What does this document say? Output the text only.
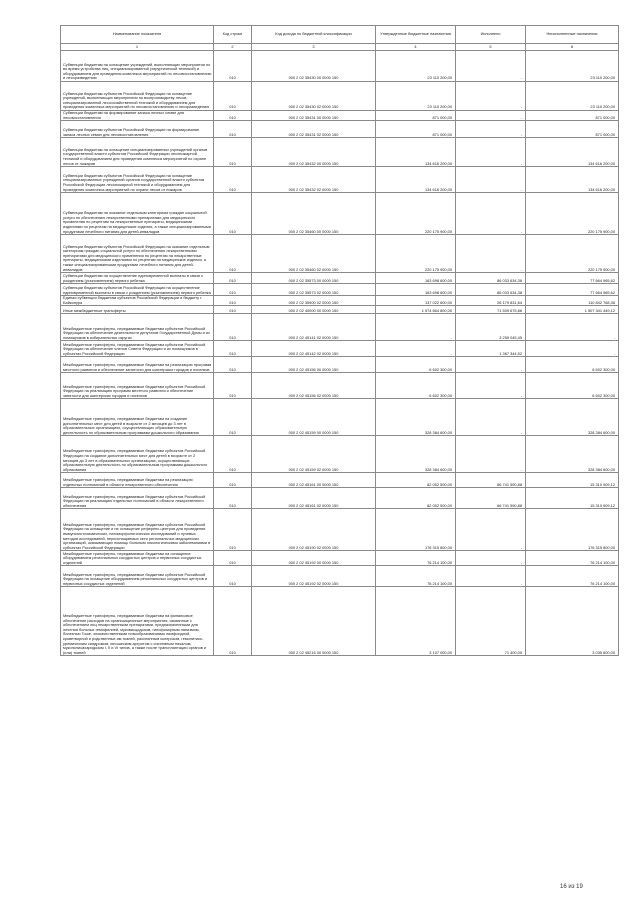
Наименование показателя	Код строки	Код дохода по бюджетной классификации	Утвержденные бюджетные назначения	Исполнено	Неисполненные назначения
1	2	3	4	5	6
Субвенции бюджетам на оснащение учреждений, выполняющих мероприятия по во время устройства лиц, специализированной (хирургической техникой) и оборудованием для проведения комплекса мероприятий по лесовосстановлению и лесоразведению	010	000 2 02 35430 00 0000 150	23 110 200,00	-	23 110 200,00
Субвенции бюджетам субъектов Российской Федерации на оснащение учреждений, выполняющих мероприятия по воспроизводству лесов, специализированной лесохозяйственной техникой и оборудованием для проведения комплекса мероприятий по лесовосстановлению и лесоразведению	010	000 2 02 35430 02 0000 150	23 110 200,00	-	23 110 200,00
Субвенции бюджетам на формирование запаса лесных семян для лесовосстановления	010	000 2 02 35431 00 0000 150	871 000,00	-	871 000,00
Субвенции бюджетам субъектов Российской Федерации на формирование запаса лесных семян для лесовосстановления	010	000 2 02 35431 02 0000 150	871 000,00	-	871 000,00
Субвенции бюджетам на оснащение специализированных учреждений органов государственной власти субъектов Российской Федерации лесопожарной техникой и оборудованием для проведения комплекса мероприятий по охране лесов от пожаров	010	000 2 02 35432 00 0000 150	134 616 200,00	-	134 616 200,00
Субвенции бюджетам субъектов Российской Федерации на оснащение специализированных учреждений органов государственной власти субъектов Российской Федерации лесопожарной техникой и оборудованием для проведения комплекса мероприятий по охране лесов от пожаров	010	000 2 02 35432 02 0000 150	134 616 200,00	-	134 616 200,00
Субвенции бюджетам на оказание отдельным категориям граждан социальной услуги по обеспечению лекарственными препаратами для медицинского применения по рецептам на лекарственные препараты, медицинскими изделиями по рецептам на медицинские изделия, а также специализированными продуктами лечебного питания для детей-инвалидов	010	000 2 02 35460 00 0000 150	220 175 900,00	-	220 175 900,00
Субвенции бюджетам субъектов Российской Федерации на оказание отдельным категориям граждан социальной услуги по обеспечению лекарственными препаратами для медицинского применения по рецептам на лекарственные препараты, медицинскими изделиями по рецептам на медицинские изделия, а также специализированными продуктами лечебного питания для детей-инвалидов	010	000 2 02 35460 02 0000 150	220 175 900,00	-	220 175 900,00
Субвенции бюджетам на осуществление единовременной выплаты в связи с рождением (усыновлением) первого ребенка	010	000 2 02 35573 00 0000 150	163 698 600,00	86 033 634,38	77 664 965,62
Субвенции бюджетам субъектов Российской Федерации на осуществление единовременной выплаты в связи с рождением (усыновлением) первого ребенка	010	000 2 02 35573 02 0000 150	163 698 600,00	86 033 634,38	77 664 965,62
Единая субвенция бюджетам субъектов Российской Федерации и бюджету г. Байконура	010	000 2 02 35900 02 0000 150	137 022 600,00	26 179 831,64	110 842 768,36
Иные межбюджетные трансферты	010	000 2 02 40000 00 0000 150	1 574 664 800,00	71 539 675,86	1 507 341 449,12
Межбюджетные трансферты, передаваемые бюджетам субъектов Российской Федерации на обеспечение деятельности депутатов Государственной Думы и их помощников в избирательных округах	010	000 2 02 45141 02 0000 150	-	3 259 045,45	-
Межбюджетные трансферты, передаваемые бюджетам субъектов Российской Федерации на обеспечение членов Совета Федерации и их помощников в субъектах Российской Федерации	010	000 2 02 45142 02 0000 150	-	1 367 344,52	-
Межбюджетные трансферты, передаваемые бюджетам на реализацию программ местного развития и обеспечение занятости для шахтерских городов и поселков	010	000 2 02 45156 00 0000 150	6 602 300,00	-	6 602 300,00
Межбюджетные трансферты, передаваемые бюджетам субъектов Российской Федерации на реализацию программ местного развития и обеспечение занятости для шахтерских городов и поселков	010	000 2 02 45156 02 0000 150	6 602 300,00	-	6 602 300,00
Межбюджетные трансферты, передаваемые бюджетам на создание дополнительных мест для детей в возрасте от 2 месяцев до 3 лет в образовательных организациях, осуществляющих образовательную деятельность по образовательным программам дошкольного образования	010	000 2 02 45159 00 0000 150	328 384 600,00	-	328 384 600,00
Межбюджетные трансферты, передаваемые бюджетам субъектов Российской Федерации на создание дополнительных мест для детей в возрасте от 2 месяцев до 3 лет в образовательных организациях, осуществляющих образовательную деятельность по образовательным программам дошкольного образования	010	000 2 02 45159 02 0000 150	328 384 600,00	-	328 384 600,00
Межбюджетные трансферты, передаваемые бюджетам на реализацию отдельных полномочий в области лекарственного обеспечения	010	000 2 02 45161 00 0000 150	82 052 500,00	66 741 590,88	15 310 909,12
Межбюджетные трансферты, передаваемые бюджетам субъектов Российской Федерации на реализацию отдельных полномочий в области лекарственного обеспечения	010	000 2 02 45161 02 0000 150	82 052 500,00	66 741 590,88	15 310 909,12
Межбюджетные трансферты, передаваемые бюджетам субъектов Российской Федерации на оснащение и не оснащение референс-центров для проведения иммуногистохимических, патоморфологических исследований и лучевых методов исследований, переоснащаемых сети региональных медицинских организаций, оказывающих помощь больным онкологическими заболеваниями в субъектах Российской Федерации	010	000 2 02 45190 02 0000 150	176 315 800,00	-	176 315 800,00
Межбюджетные трансферты, передаваемые бюджетам на оснащение оборудованием региональных сосудистых центров и первичных сосудистых отделений	010	000 2 02 45192 00 0000 150	76 214 100,00	-	76 214 100,00
Межбюджетные трансферты, передаваемые бюджетам субъектов Российской Федерации на оснащение оборудованием региональных сосудистых центров и первичных сосудистых отделений	010	000 2 02 45192 02 0000 150	76 214 100,00	-	76 214 100,00
Межбюджетные трансферты, передаваемые бюджетам на финансовое обеспечение расходов на организационные мероприятия, связанные с обеспечением лиц лекарственными препаратами, предназначенными для лечения больных гемофилией, муковисцидозом, гипофизарным нанизмом, болезнью Гоше, злокачественными новообразованиями лимфоидной, кроветворной и родственных им тканей, рассеянным склерозом, гемолитико-уремическим синдромом, юношеским артритом с системным началом, мукополисахаридозом I, II и VI типов, а также после трансплантации органов и (или) тканей	010	000 2 02 45216 00 0000 150	3 107 000,00	71 400,00	3 035 600,00
16 из 19
